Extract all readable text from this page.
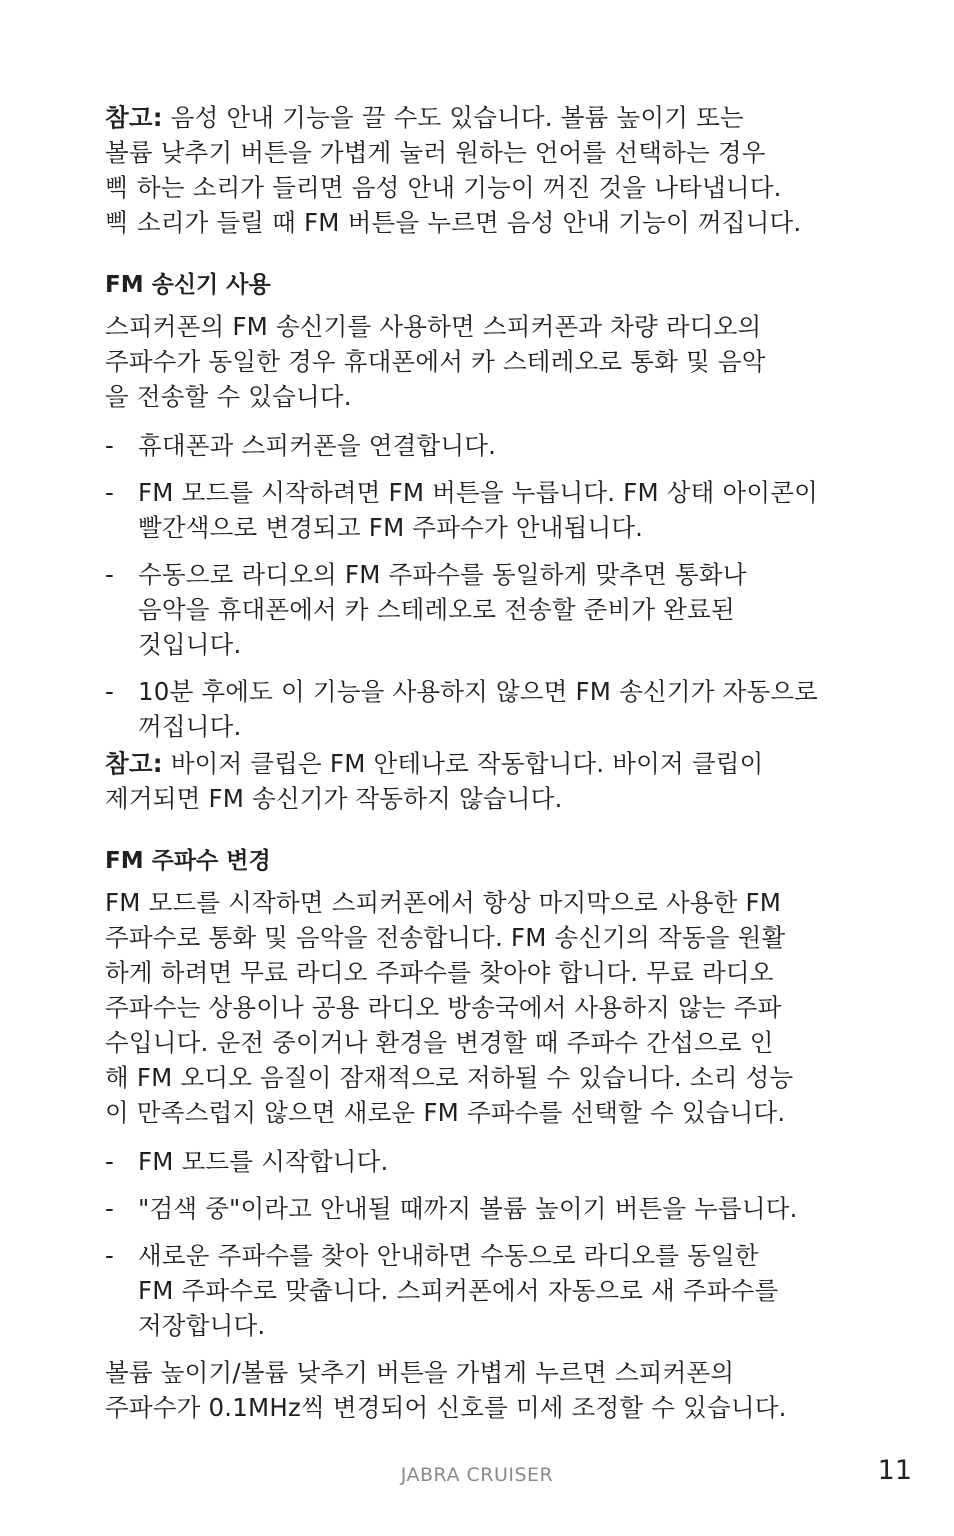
참고: 음성 안내 기능을 끌 수도 있습니다. 볼륨 높이기 또는
볼륨 낮추기 버튼을 가볍게 눌러 원하는 언어를 선택하는 경우
삑 하는 소리가 들리면 음성 안내 기능이 꺼진 것을 나타냅니다.
삑 소리가 들릴 때 FM 버튼을 누르면 음성 안내 기능이 꺼집니다.

FM 송신기 사용

스피커폰의 FM 송신기를 사용하면 스피커폰과 차량 라디오의
주파수가 동일한 경우 휴대폰에서 카 스테레오로 통화 및 음악
을 전송할 수 있습니다.

- 휴대폰과 스피커폰을 연결합니다.
- FM 모드를 시작하려면 FM 버튼을 누릅니다. FM 상태 아이콘이
빨간색으로 변경되고 FM 주파수가 안내됩니다.
- 수동으로 라디오의 FM 주파수를 동일하게 맞추면 통화나
음악을 휴대폰에서 카 스테레오로 전송할 준비가 완료된
것입니다.
- 10분 후에도 이 기능을 사용하지 않으면 FM 송신기가 자동으로
꺼집니다.

참고: 바이저 클립은 FM 안테나로 작동합니다. 바이저 클립이
제거되면 FM 송신기가 작동하지 않습니다.

FM 주파수 변경

FM 모드를 시작하면 스피커폰에서 항상 마지막으로 사용한 FM
주파수로 통화 및 음악을 전송합니다. FM 송신기의 작동을 원활
하게 하려면 무료 라디오 주파수를 찾아야 합니다. 무료 라디오
주파수는 상용이나 공용 라디오 방송국에서 사용하지 않는 주파
수입니다. 운전 중이거나 환경을 변경할 때 주파수 간섭으로 인
해 FM 오디오 음질이 잠재적으로 저하될 수 있습니다. 소리 성능
이 만족스럽지 않으면 새로운 FM 주파수를 선택할 수 있습니다.

- FM 모드를 시작합니다.
- "검색 중"이라고 안내될 때까지 볼륨 높이기 버튼을 누릅니다.
- 새로운 주파수를 찾아 안내하면 수동으로 라디오를 동일한
FM 주파수로 맞춥니다. 스피커폰에서 자동으로 새 주파수를
저장합니다.

볼륨 높이기/볼륨 낮추기 버튼을 가볍게 누르면 스피커폰의
주파수가 0.1MHz씩 변경되어 신호를 미세 조정할 수 있습니다.

JABRA CRUISER	11
